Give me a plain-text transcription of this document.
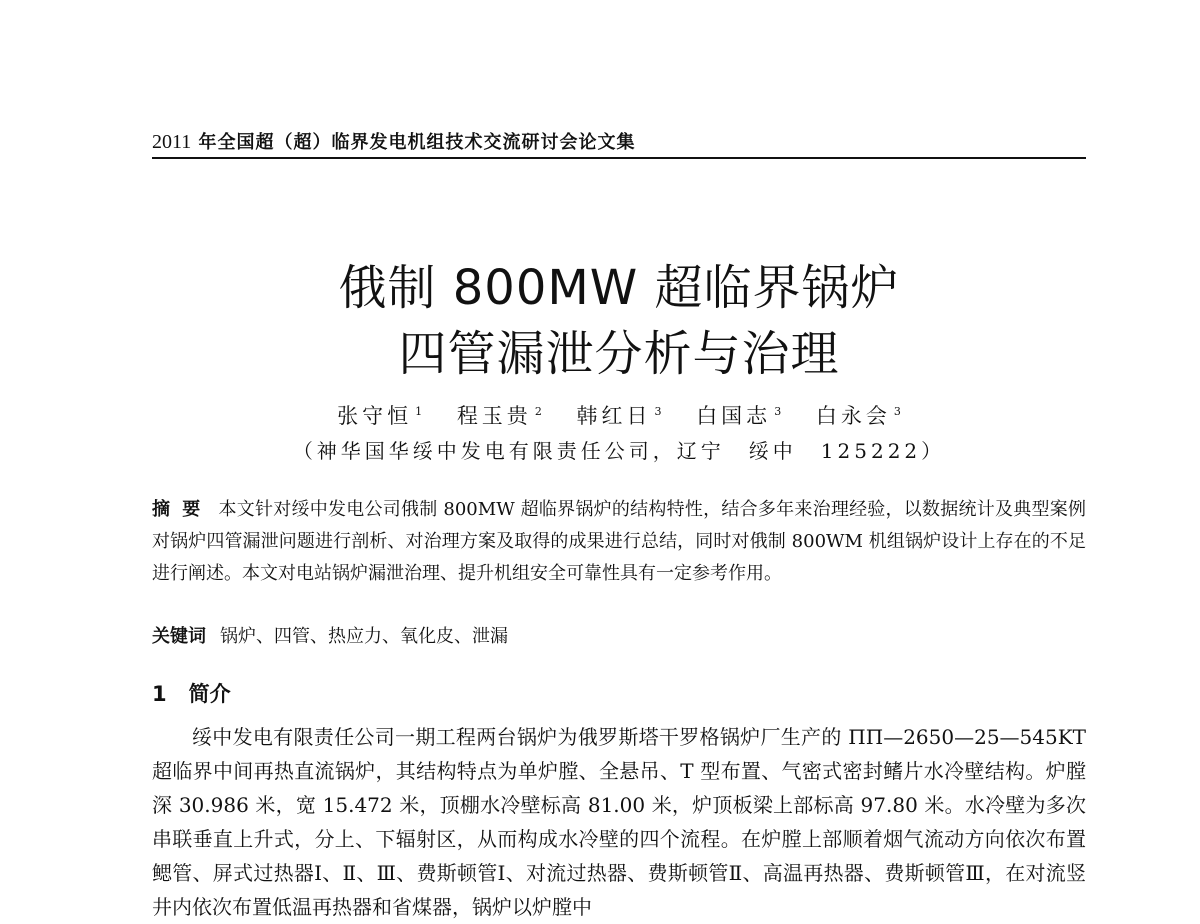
2011 年全国超（超）临界发电机组技术交流研讨会论文集
俄制 800MW 超临界锅炉
四管漏泄分析与治理
张守恒 $^1$ 程玉贵 $^2$ 韩红日 $^3$ 白国志 $^3$ 白永会 $^3$
（神华国华绥中发电有限责任公司，辽宁　绥中　125222）
摘要 本文针对绥中发电公司俄制 800MW 超临界锅炉的结构特性，结合多年来治理经验，以数据统计及典型案例对锅炉四管漏泄问题进行剖析、对治理方案及取得的成果进行总结，同时对俄制 800WM 机组锅炉设计上存在的不足进行阐述。本文对电站锅炉漏泄治理、提升机组安全可靠性具有一定参考作用。
关键词 锅炉、四管、热应力、氧化皮、泄漏
1 简介

绥中发电有限责任公司一期工程两台锅炉为俄罗斯塔干罗格锅炉厂生产的 ПП—2650—25—545KT 超临界中间再热直流锅炉，其结构特点为单炉膛、全悬吊、T 型布置、气密式密封鳍片水冷壁结构。炉膛深 30.986 米，宽 15.472 米，顶棚水冷壁标高 81.00 米，炉顶板梁上部标高 97.80 米。水冷壁为多次串联垂直上升式，分上、下辐射区，从而构成水冷壁的四个流程。在炉膛上部顺着烟气流动方向依次布置鳃管、屏式过热器Ⅰ、Ⅱ、Ⅲ、费斯顿管Ⅰ、对流过热器、费斯顿管Ⅱ、高温再热器、费斯顿管Ⅲ，在对流竖井内依次布置低温再热器和省煤器，锅炉以炉膛中
